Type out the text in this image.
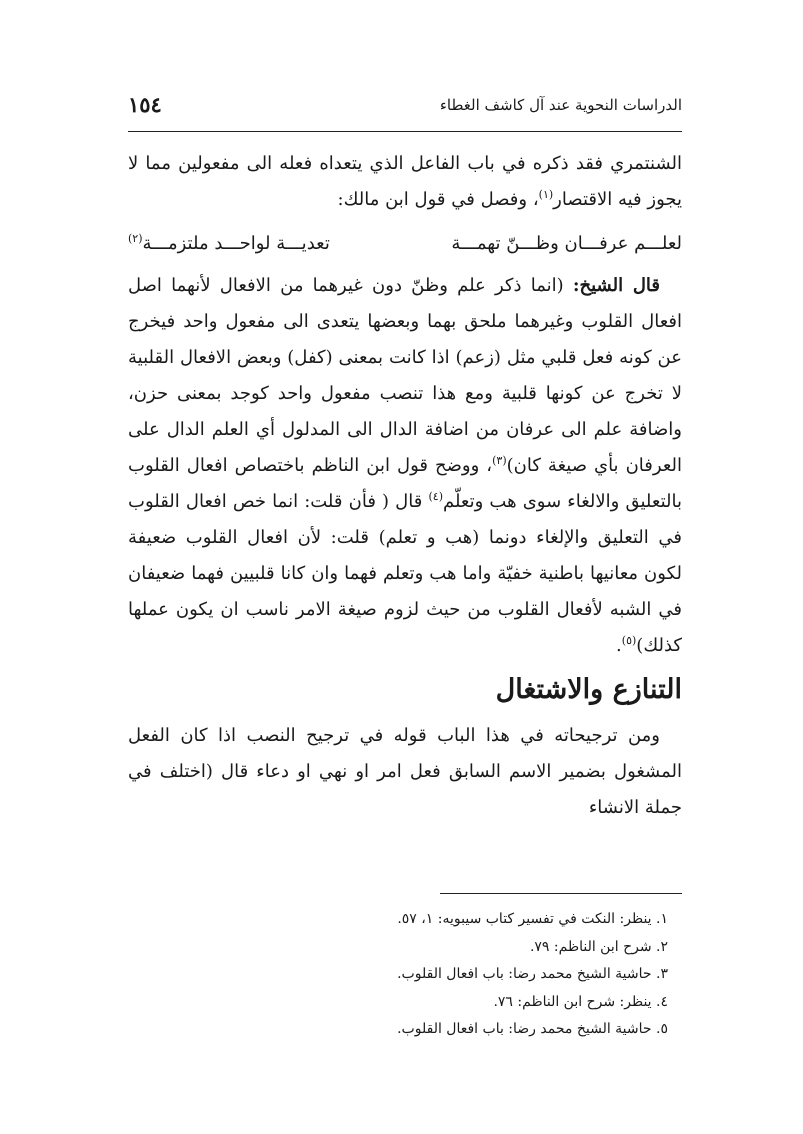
الدراسات النحوية عند آل كاشف الغطاء
١٥٤

الشنتمري فقد ذكره في باب الفاعل الذي يتعداه فعله الى مفعولين مما لا يجوز فيه الاقتصار$^{(١)}$، وفصل في قول ابن مالك:

لعلـــم عرفـــان وظـــنّ تهمـــة
تعديـــة لواحـــد ملتزمـــة$^{(٢)}$

قال الشيخ: (انما ذكر علم وظنّ دون غيرهما من الافعال لأنهما اصل افعال القلوب وغيرهما ملحق بهما وبعضها يتعدى الى مفعول واحد فيخرج عن كونه فعل قلبي مثل (زعم) اذا كانت بمعنى (كفل) وبعض الافعال القلبية لا تخرج عن كونها قلبية ومع هذا تنصب مفعول واحد كوجد بمعنى حزن، واضافة علم الى عرفان من اضافة الدال الى المدلول أي العلم الدال على العرفان بأي صيغة كان)$^{(٣)}$، ووضح قول ابن الناظم باختصاص افعال القلوب بالتعليق والالغاء سوى هب وتعلّم$^{(٤)}$ قال ( فأن قلت: انما خص افعال القلوب في التعليق والإلغاء دونما (هب و تعلم) قلت: لأن افعال القلوب ضعيفة لكون معانيها باطنية خفيّة واما هب وتعلم فهما وان كانا قلبيين فهما ضعيفان في الشبه لأفعال القلوب من حيث لزوم صيغة الامر ناسب ان يكون عملها كذلك)$^{(٥)}$.

التنازع والاشتغال

ومن ترجيحاته في هذا الباب قوله في ترجيح النصب اذا كان الفعل المشغول بضمير الاسم السابق فعل امر او نهي او دعاء قال (اختلف في جملة الانشاء

١. ينظر: النكت في تفسير كتاب سيبويه: ١، ٥٧.

٢. شرح ابن الناظم: ٧٩.

٣. حاشية الشيخ محمد رضا: باب افعال القلوب.

٤. ينظر: شرح ابن الناظم: ٧٦.

٥. حاشية الشيخ محمد رضا: باب افعال القلوب.
